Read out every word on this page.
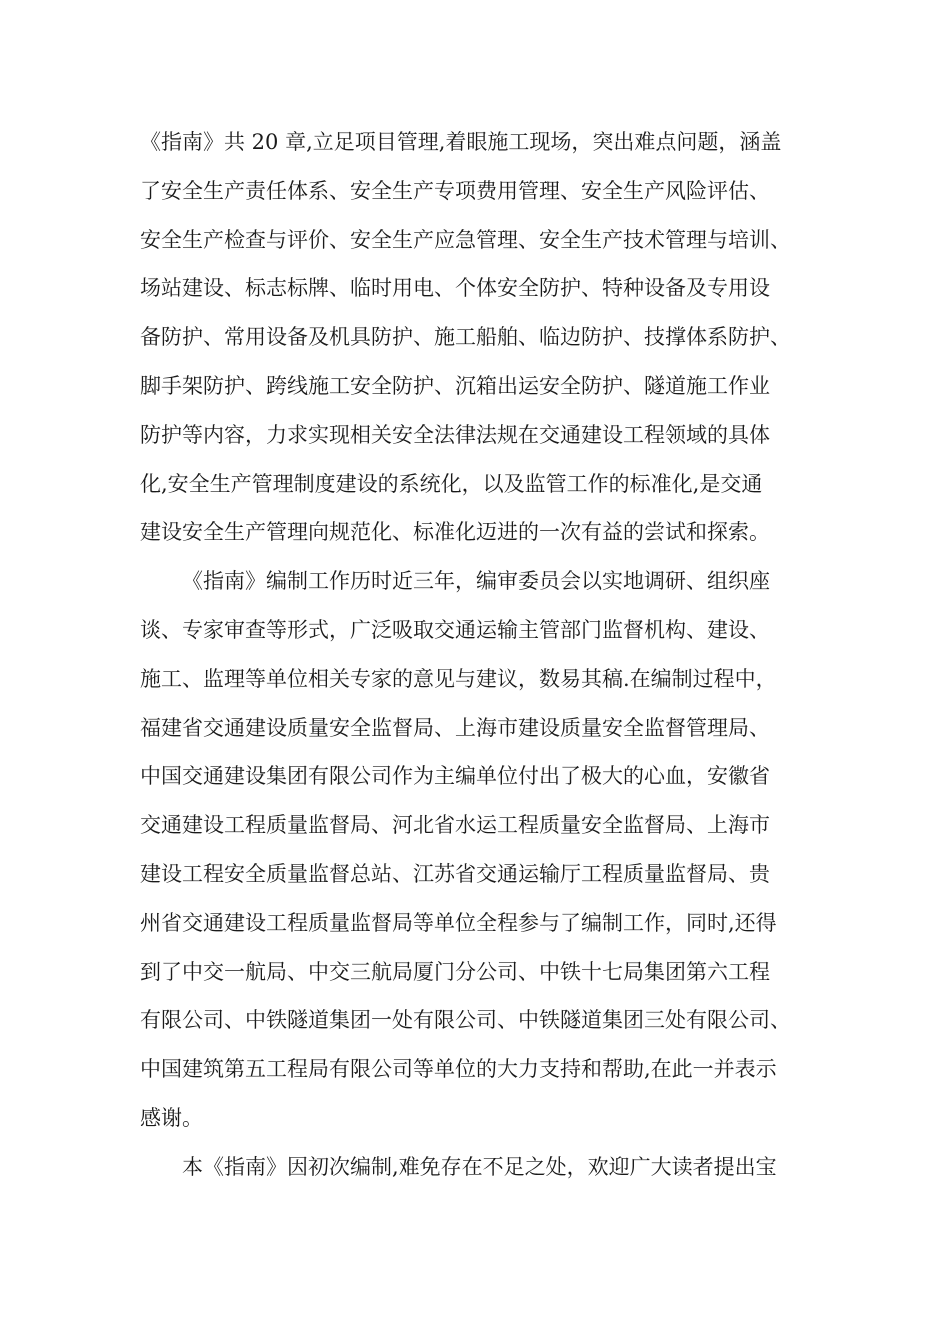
《指南》共 20 章,立足项目管理,着眼施工现场，突出难点问题，涵盖
了安全生产责任体系、安全生产专项费用管理、安全生产风险评估、
安全生产检查与评价、安全生产应急管理、安全生产技术管理与培训、
场站建设、标志标牌、临时用电、个体安全防护、特种设备及专用设
备防护、常用设备及机具防护、施工船舶、临边防护、技撑体系防护、
脚手架防护、跨线施工安全防护、沉箱出运安全防护、隧道施工作业
防护等内容，力求实现相关安全法律法规在交通建设工程领域的具体
化,安全生产管理制度建设的系统化，以及监管工作的标准化,是交通
建设安全生产管理向规范化、标准化迈进的一次有益的尝试和探索。
《指南》编制工作历时近三年，编审委员会以实地调研、组织座
谈、专家审查等形式，广泛吸取交通运输主管部门监督机构、建设、
施工、监理等单位相关专家的意见与建议，数易其稿.在编制过程中，
福建省交通建设质量安全监督局、上海市建设质量安全监督管理局、
中国交通建设集团有限公司作为主编单位付出了极大的心血，安徽省
交通建设工程质量监督局、河北省水运工程质量安全监督局、上海市
建设工程安全质量监督总站、江苏省交通运输厅工程质量监督局、贵
州省交通建设工程质量监督局等单位全程参与了编制工作，同时,还得
到了中交一航局、中交三航局厦门分公司、中铁十七局集团第六工程
有限公司、中铁隧道集团一处有限公司、中铁隧道集团三处有限公司、
中国建筑第五工程局有限公司等单位的大力支持和帮助,在此一并表示
感谢。
本《指南》因初次编制,难免存在不足之处，欢迎广大读者提出宝
